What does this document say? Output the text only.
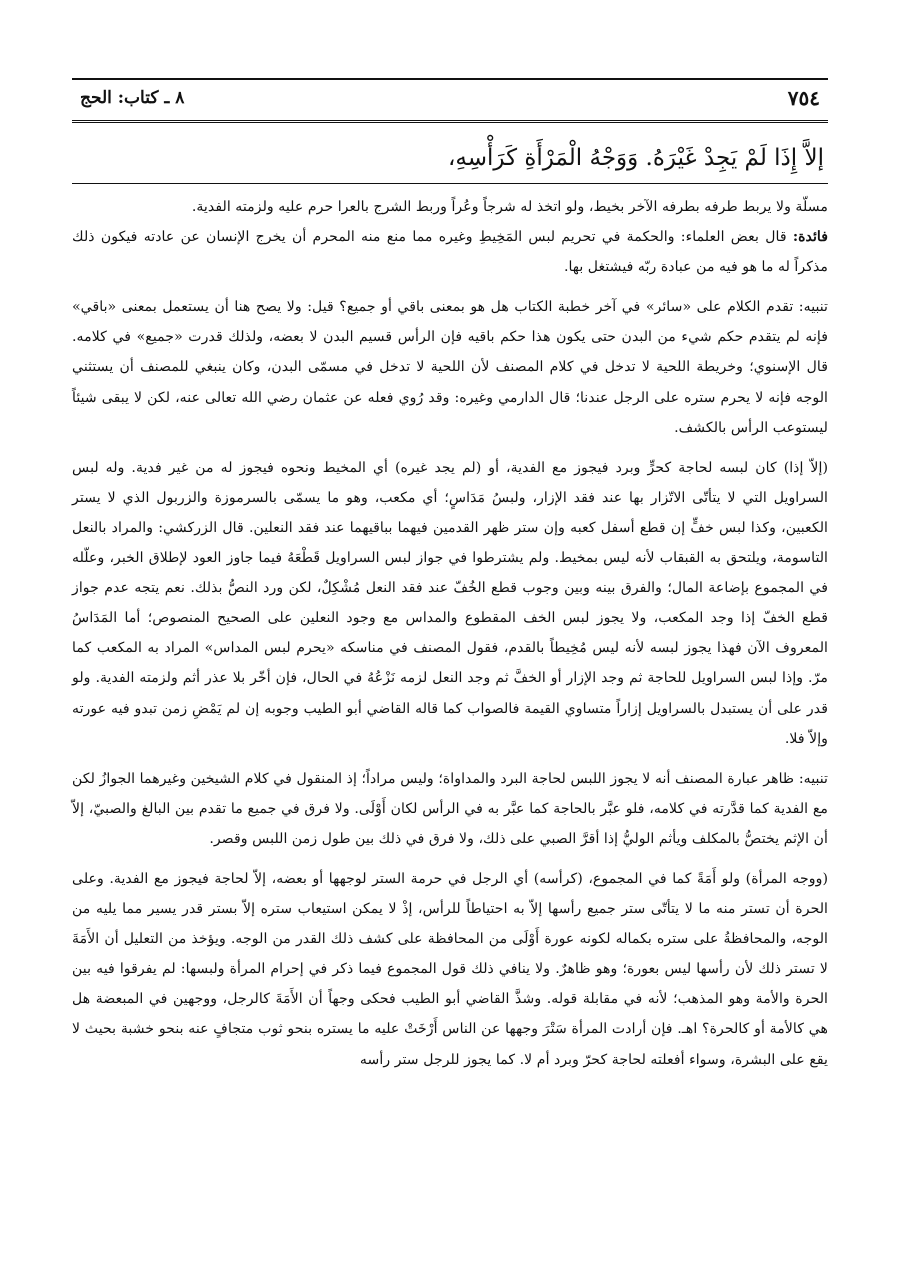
٧٥٤
٨ ـ كتاب: الحج
إلاَّ إِذَا لَمْ يَجِدْ غَيْرَهُ. وَوَجْهُ الْمَرْأَةِ كَرَأْسِهِ،

مسلّة ولا يربط طرفه بطرفه الآخر بخيط، ولو اتخذ له شرجاً وعُراً وربط الشرج بالعرا حرم عليه ولزمته الفدية.

فائدة: قال بعض العلماء: والحكمة في تحريم لبس المَخِيطِ وغيره مما منع منه المحرم أن يخرج الإنسان عن عادته فيكون ذلك مذكراً له ما هو فيه من عبادة ربّه فيشتغل بها.

تنبيه: تقدم الكلام على «سائر» في آخر خطبة الكتاب هل هو بمعنى باقي أو جميع؟ قيل: ولا يصح هنا أن يستعمل بمعنى «باقي» فإنه لم يتقدم حكم شيء من البدن حتى يكون هذا حكم باقيه فإن الرأس قسيم البدن لا بعضه، ولذلك قدرت «جميع» في كلامه. قال الإسنوي؛ وخريطة اللحية لا تدخل في كلام المصنف لأن اللحية لا تدخل في مسمّى البدن، وكان ينبغي للمصنف أن يستثني الوجه فإنه لا يحرم ستره على الرجل عندنا؛ قال الدارمي وغيره: وقد رُوي فعله عن عثمان رضي الله تعالى عنه، لكن لا يبقى شيئاً ليستوعب الرأس بالكشف.

(إلاّ إذا) كان لبسه لحاجة كحرٍّ وبرد فيجوز مع الفدية، أو (لم يجد غيره) أي المخيط ونحوه فيجوز له من غير فدية. وله لبس السراويل التي لا يتأتّى الاتّزار بها عند فقد الإزار، ولبسُ مَدَاسٍ؛ أي مكعب، وهو ما يسمّى بالسرموزة والزربول الذي لا يستر الكعبين، وكذا لبس خفٍّ إن قطع أسفل كعبه وإن ستر ظهر القدمين فيهما بباقيهما عند فقد النعلين. قال الزركشي: والمراد بالنعل التاسومة، ويلتحق به القبقاب لأنه ليس بمخيط. ولم يشترطوا في جواز لبس السراويل قَطْعَهُ فيما جاوز العود لإطلاق الخبر، وعلّله في المجموع بإضاعة المال؛ والفرق بينه وبين وجوب قطع الخُفّ عند فقد النعل مُشْكِلٌ، لكن ورد النصُّ بذلك. نعم يتجه عدم جواز قطع الخفّ إذا وجد المكعب، ولا يجوز لبس الخف المقطوع والمداس مع وجود النعلين على الصحيح المنصوص؛ أما المَدَاسُ المعروف الآن فهذا يجوز لبسه لأنه ليس مُخِيطاً بالقدم، فقول المصنف في مناسكه «يحرم لبس المداس» المراد به المكعب كما مرّ. وإذا لبس السراويل للحاجة ثم وجد الإزار أو الخفَّ ثم وجد النعل لزمه نَزْعُهُ في الحال، فإن أخّر بلا عذر أثم ولزمته الفدية. ولو قدر على أن يستبدل بالسراويل إزاراً متساوي القيمة فالصواب كما قاله القاضي أبو الطيب وجوبه إن لم يَمْضِ زمن تبدو فيه عورته وإلاّ فلا.

تنبيه: ظاهر عبارة المصنف أنه لا يجوز اللبس لحاجة البرد والمداواة؛ وليس مراداً؛ إذ المنقول في كلام الشيخين وغيرهما الجوازُ لكن مع الفدية كما قدَّرته في كلامه، فلو عبَّر بالحاجة كما عبَّر به في الرأس لكان أَوْلَى. ولا فرق في جميع ما تقدم بين البالغ والصبيّ، إلاّ أن الإثم يختصُّ بالمكلف ويأثم الوليُّ إذا أقرَّ الصبي على ذلك، ولا فرق في ذلك بين طول زمن اللبس وقصر.

(ووجه المرأة) ولو أَمَةً كما في المجموع، (كرأسه) أي الرجل في حرمة الستر لوجهها أو بعضه، إلاّ لحاجة فيجوز مع الفدية. وعلى الحرة أن تستر منه ما لا يتأتّى ستر جميع رأسها إلاّ به احتياطاً للرأس، إذْ لا يمكن استيعاب ستره إلاّ بستر قدر يسير مما يليه من الوجه، والمحافظةُ على ستره بكماله لكونه عورة أَوْلَى من المحافظة على كشف ذلك القدر من الوجه. ويؤخذ من التعليل أن الأَمَةَ لا تستر ذلك لأن رأسها ليس بعورة؛ وهو ظاهرٌ. ولا ينافي ذلك قول المجموع فيما ذكر في إحرام المرأة ولبسها: لم يفرقوا فيه بين الحرة والأمة وهو المذهب؛ لأنه في مقابلة قوله. وشذَّ القاضي أبو الطيب فحكى وجهاً أن الأَمَةَ كالرجل، ووجهين في المبعضة هل هي كالأمة أو كالحرة؟ اهـ. فإن أرادت المرأة سَتْرَ وجهها عن الناس أَرْخَتْ عليه ما يستره بنحو ثوب متجافٍ عنه بنحو خشبة بحيث لا يقع على البشرة، وسواء أفعلته لحاجة كحرّ وبرد أم لا. كما يجوز للرجل ستر رأسه
